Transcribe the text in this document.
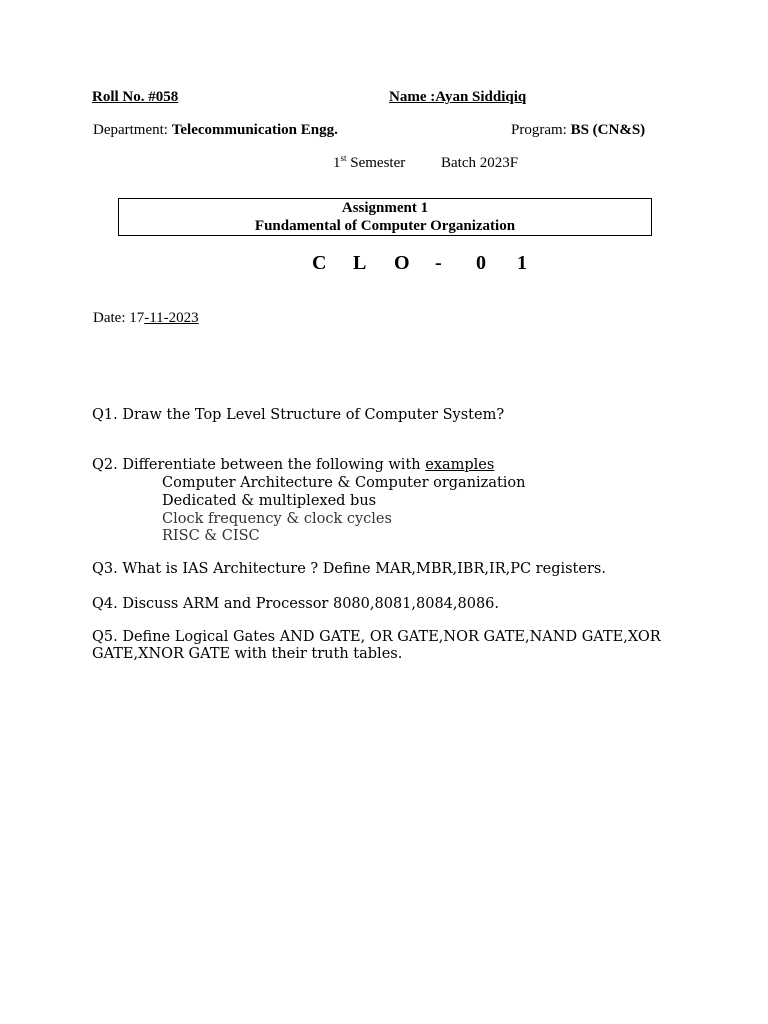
Roll No. #058	Name :Ayan Siddiqiq
Department: Telecommunication Engg.	Program: BS (CN&S)
1st Semester Batch 2023F
Assignment 1
Fundamental of Computer Organization
C L O - 0 1
Date: 17-11-2023
Q1. Draw the Top Level Structure of Computer System?
Q2. Differentiate between the following with examples
Computer Architecture & Computer organization
Dedicated & multiplexed bus
Clock frequency & clock cycles
RISC & CISC
Q3. What is IAS Architecture ? Define MAR,MBR,IBR,IR,PC registers.
Q4. Discuss ARM and Processor 8080,8081,8084,8086.
Q5. Define Logical Gates AND GATE, OR GATE,NOR GATE,NAND GATE,XOR
GATE,XNOR GATE with their truth tables.
